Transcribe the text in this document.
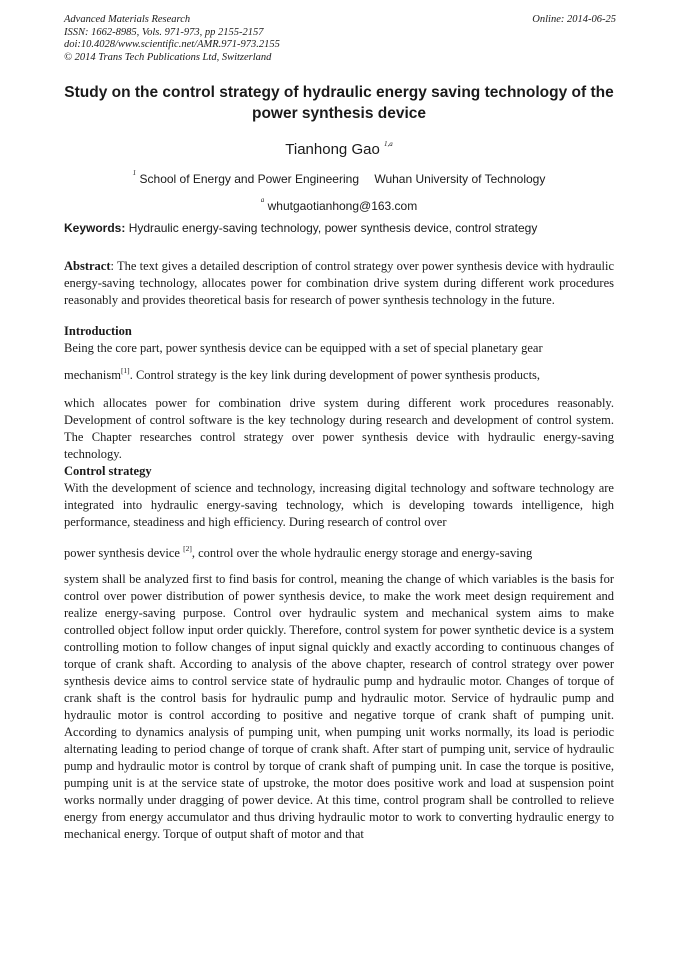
Advanced Materials Research
ISSN: 1662-8985, Vols. 971-973, pp 2155-2157
doi:10.4028/www.scientific.net/AMR.971-973.2155
© 2014 Trans Tech Publications Ltd, Switzerland
Online: 2014-06-25
Study on the control strategy of hydraulic energy saving technology of the power synthesis device
Tianhong Gao $^{1,a}$
$^1$ School of Energy and Power Engineering Wuhan University of Technology
$^a$ whutgaotianhong@163.com
Keywords: Hydraulic energy-saving technology, power synthesis device, control strategy

Abstract: The text gives a detailed description of control strategy over power synthesis device with hydraulic energy-saving technology, allocates power for combination drive system during different work procedures reasonably and provides theoretical basis for research of power synthesis technology in the future.

Introduction

Being the core part, power synthesis device can be equipped with a set of special planetary gear

mechanism[1]. Control strategy is the key link during development of power synthesis products,

which allocates power for combination drive system during different work procedures reasonably. Development of control software is the key technology during research and development of control system. The Chapter researches control strategy over power synthesis device with hydraulic energy-saving technology.

Control strategy

With the development of science and technology, increasing digital technology and software technology are integrated into hydraulic energy-saving technology, which is developing towards intelligence, high performance, steadiness and high efficiency. During research of control over

power synthesis device [2], control over the whole hydraulic energy storage and energy-saving

system shall be analyzed first to find basis for control, meaning the change of which variables is the basis for control over power distribution of power synthesis device, to make the work meet design requirement and realize energy-saving purpose. Control over hydraulic system and mechanical system aims to make controlled object follow input order quickly. Therefore, control system for power synthetic device is a system controlling motion to follow changes of input signal quickly and exactly according to continuous changes of torque of crank shaft. According to analysis of the above chapter, research of control strategy over power synthesis device aims to control service state of hydraulic pump and hydraulic motor. Changes of torque of crank shaft is the control basis for hydraulic pump and hydraulic motor. Service of hydraulic pump and hydraulic motor is control according to positive and negative torque of crank shaft of pumping unit. According to dynamics analysis of pumping unit, when pumping unit works normally, its load is periodic alternating leading to period change of torque of crank shaft. After start of pumping unit, service of hydraulic pump and hydraulic motor is control by torque of crank shaft of pumping unit. In case the torque is positive, pumping unit is at the service state of upstroke, the motor does positive work and load at suspension point works normally under dragging of power device. At this time, control program shall be controlled to relieve energy from energy accumulator and thus driving hydraulic motor to work to converting hydraulic energy to mechanical energy. Torque of output shaft of motor and that
